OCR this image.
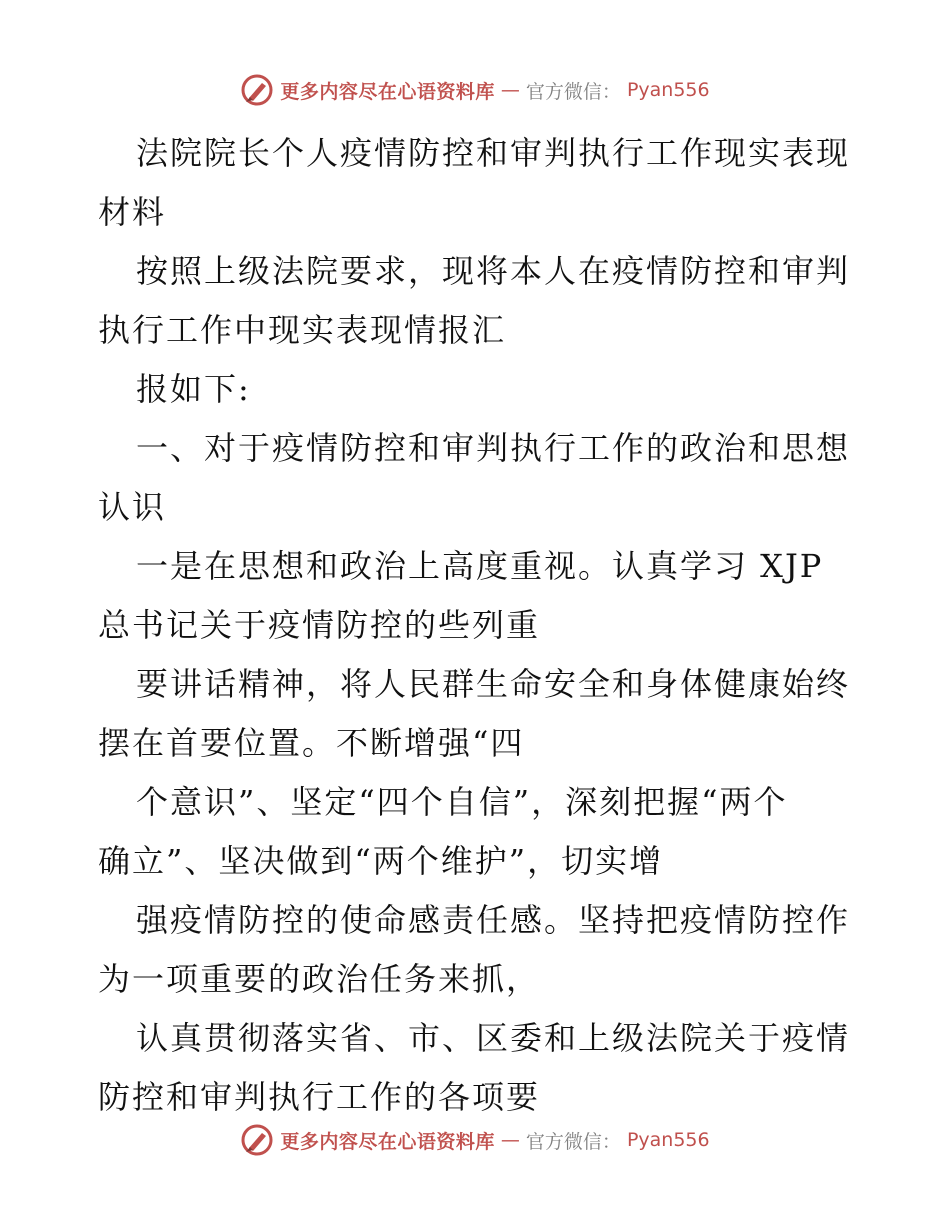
更多内容尽在心语资料库 — 官方微信： Pyan556

法院院长个人疫情防控和审判执行工作现实表现
材料

按照上级法院要求，现将本人在疫情防控和审判
执行工作中现实表现情报汇

报如下:

一、对于疫情防控和审判执行工作的政治和思想
认识

一是在思想和政治上高度重视。认真学习 XJP
总书记关于疫情防控的些列重

要讲话精神，将人民群生命安全和身体健康始终
摆在首要位置。不断增强“四

个意识”、坚定“四个自信”，深刻把握“两个
确立”、坚决做到“两个维护”，切实增

强疫情防控的使命感责任感。坚持把疫情防控作
为一项重要的政治任务来抓，

认真贯彻落实省、市、区委和上级法院关于疫情
防控和审判执行工作的各项要

更多内容尽在心语资料库 — 官方微信： Pyan556
